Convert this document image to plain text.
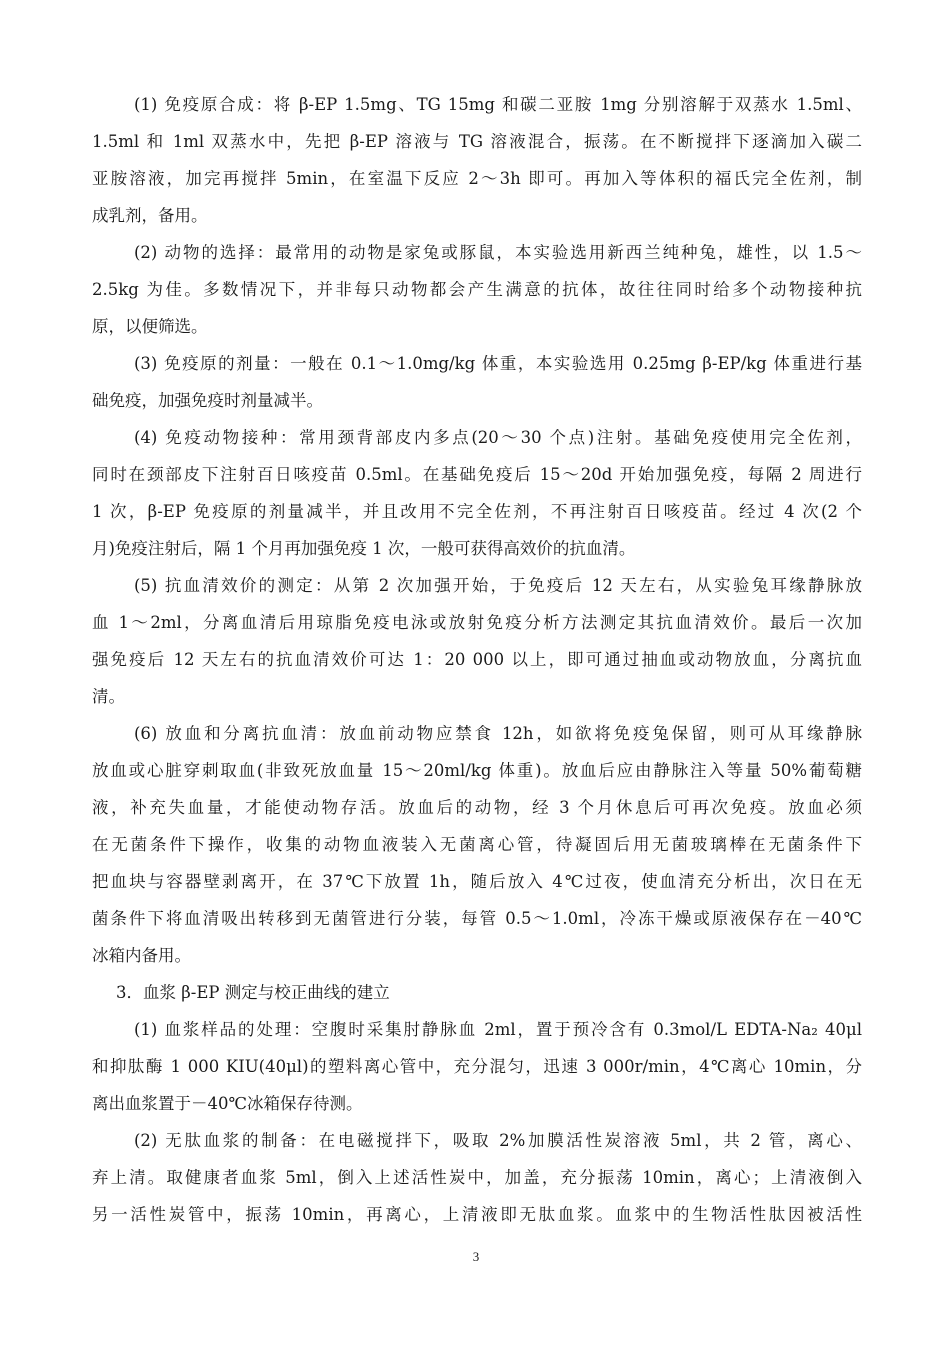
(1) 免疫原合成：将 β-EP 1.5mg、TG 15mg 和碳二亚胺 1mg 分别溶解于双蒸水 1.5ml、
1.5ml 和 1ml 双蒸水中，先把 β-EP 溶液与 TG 溶液混合，振荡。在不断搅拌下逐滴加入碳二
亚胺溶液，加完再搅拌 5min，在室温下反应 2～3h 即可。再加入等体积的福氏完全佐剂，制
成乳剂，备用。
(2) 动物的选择：最常用的动物是家兔或豚鼠，本实验选用新西兰纯种兔，雄性，以 1.5～
2.5kg 为佳。多数情况下，并非每只动物都会产生满意的抗体，故往往同时给多个动物接种抗
原，以便筛选。
(3) 免疫原的剂量：一般在 0.1～1.0mg/kg 体重，本实验选用 0.25mg β-EP/kg 体重进行基
础免疫，加强免疫时剂量减半。
(4) 免疫动物接种：常用颈背部皮内多点(20～30 个点)注射。基础免疫使用完全佐剂，
同时在颈部皮下注射百日咳疫苗 0.5ml。在基础免疫后 15～20d 开始加强免疫，每隔 2 周进行
1 次，β-EP 免疫原的剂量减半，并且改用不完全佐剂，不再注射百日咳疫苗。经过 4 次(2 个
月)免疫注射后，隔 1 个月再加强免疫 1 次，一般可获得高效价的抗血清。
(5) 抗血清效价的测定：从第 2 次加强开始，于免疫后 12 天左右，从实验兔耳缘静脉放
血 1～2ml，分离血清后用琼脂免疫电泳或放射免疫分析方法测定其抗血清效价。最后一次加
强免疫后 12 天左右的抗血清效价可达 1：20 000 以上，即可通过抽血或动物放血，分离抗血
清。
(6) 放血和分离抗血清：放血前动物应禁食 12h，如欲将免疫兔保留，则可从耳缘静脉
放血或心脏穿刺取血(非致死放血量 15～20ml/kg 体重)。放血后应由静脉注入等量 50%葡萄糖
液，补充失血量，才能使动物存活。放血后的动物，经 3 个月休息后可再次免疫。放血必须
在无菌条件下操作，收集的动物血液装入无菌离心管，待凝固后用无菌玻璃棒在无菌条件下
把血块与容器壁剥离开，在 37℃下放置 1h，随后放入 4℃过夜，使血清充分析出，次日在无
菌条件下将血清吸出转移到无菌管进行分装，每管 0.5～1.0ml，冷冻干燥或原液保存在－40℃
冰箱内备用。
3．血浆 β-EP 测定与校正曲线的建立
(1) 血浆样品的处理：空腹时采集肘静脉血 2ml，置于预冷含有 0.3mol/L EDTA-Na₂ 40μl
和抑肽酶 1 000 KIU(40μl)的塑料离心管中，充分混匀，迅速 3 000r/min，4℃离心 10min，分
离出血浆置于－40℃冰箱保存待测。
(2) 无肽血浆的制备：在电磁搅拌下，吸取 2%加膜活性炭溶液 5ml，共 2 管，离心、
弃上清。取健康者血浆 5ml，倒入上述活性炭中，加盖，充分振荡 10min，离心；上清液倒入
另一活性炭管中，振荡 10min，再离心，上清液即无肽血浆。血浆中的生物活性肽因被活性
3
